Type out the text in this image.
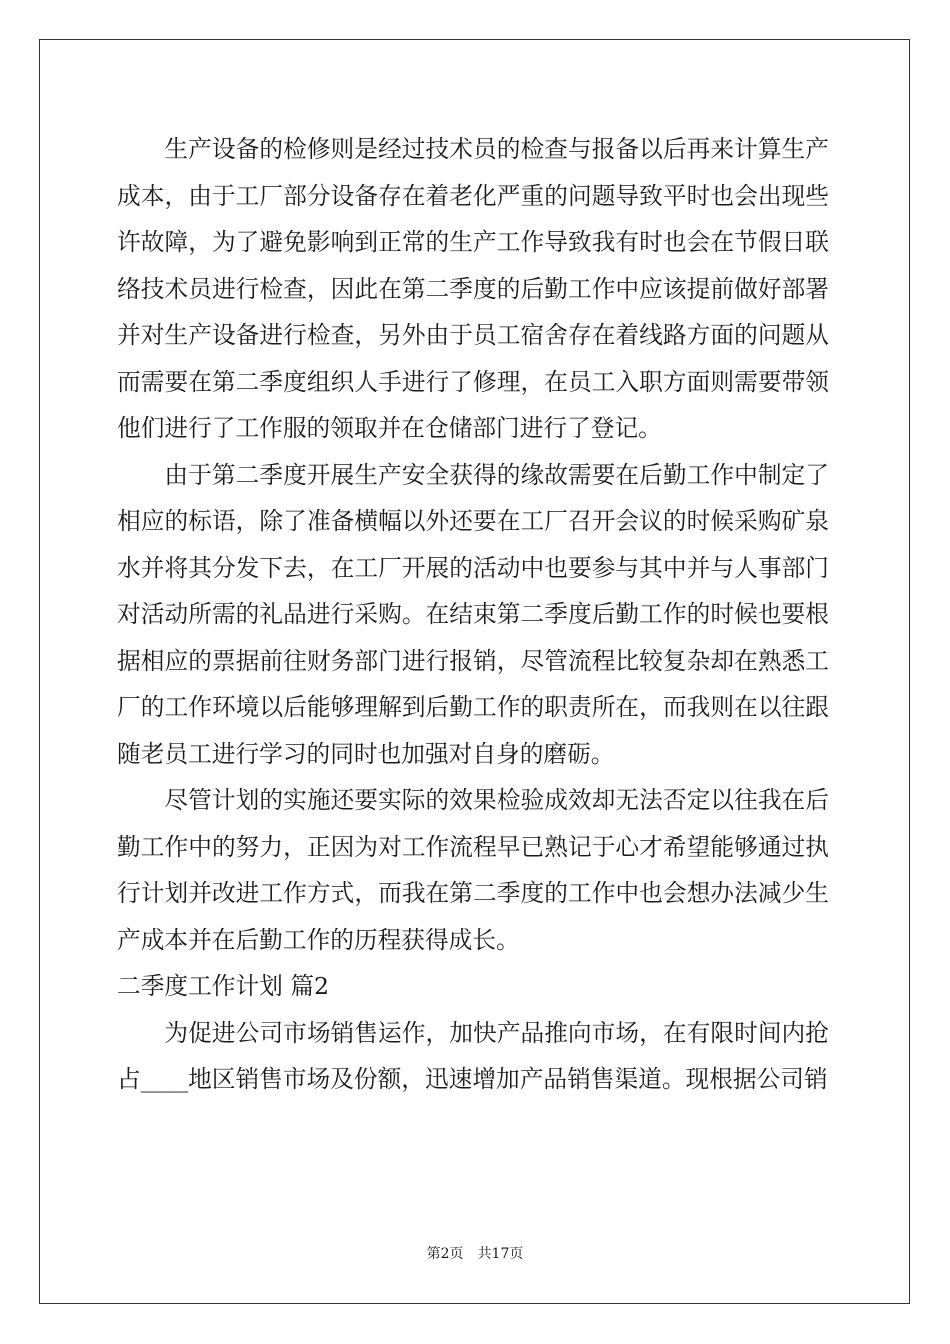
生产设备的检修则是经过技术员的检查与报备以后再来计算生产成本，由于工厂部分设备存在着老化严重的问题导致平时也会出现些许故障，为了避免影响到正常的生产工作导致我有时也会在节假日联络技术员进行检查，因此在第二季度的后勤工作中应该提前做好部署并对生产设备进行检查，另外由于员工宿舍存在着线路方面的问题从而需要在第二季度组织人手进行了修理，在员工入职方面则需要带领他们进行了工作服的领取并在仓储部门进行了登记。

由于第二季度开展生产安全获得的缘故需要在后勤工作中制定了相应的标语，除了准备横幅以外还要在工厂召开会议的时候采购矿泉水并将其分发下去，在工厂开展的活动中也要参与其中并与人事部门对活动所需的礼品进行采购。在结束第二季度后勤工作的时候也要根据相应的票据前往财务部门进行报销，尽管流程比较复杂却在熟悉工厂的工作环境以后能够理解到后勤工作的职责所在，而我则在以往跟随老员工进行学习的同时也加强对自身的磨砺。

尽管计划的实施还要实际的效果检验成效却无法否定以往我在后勤工作中的努力，正因为对工作流程早已熟记于心才希望能够通过执行计划并改进工作方式，而我在第二季度的工作中也会想办法减少生产成本并在后勤工作的历程获得成长。

二季度工作计划 篇2

为促进公司市场销售运作，加快产品推向市场，在有限时间内抢占____地区销售市场及份额，迅速增加产品销售渠道。现根据公司销

第2页 共17页
